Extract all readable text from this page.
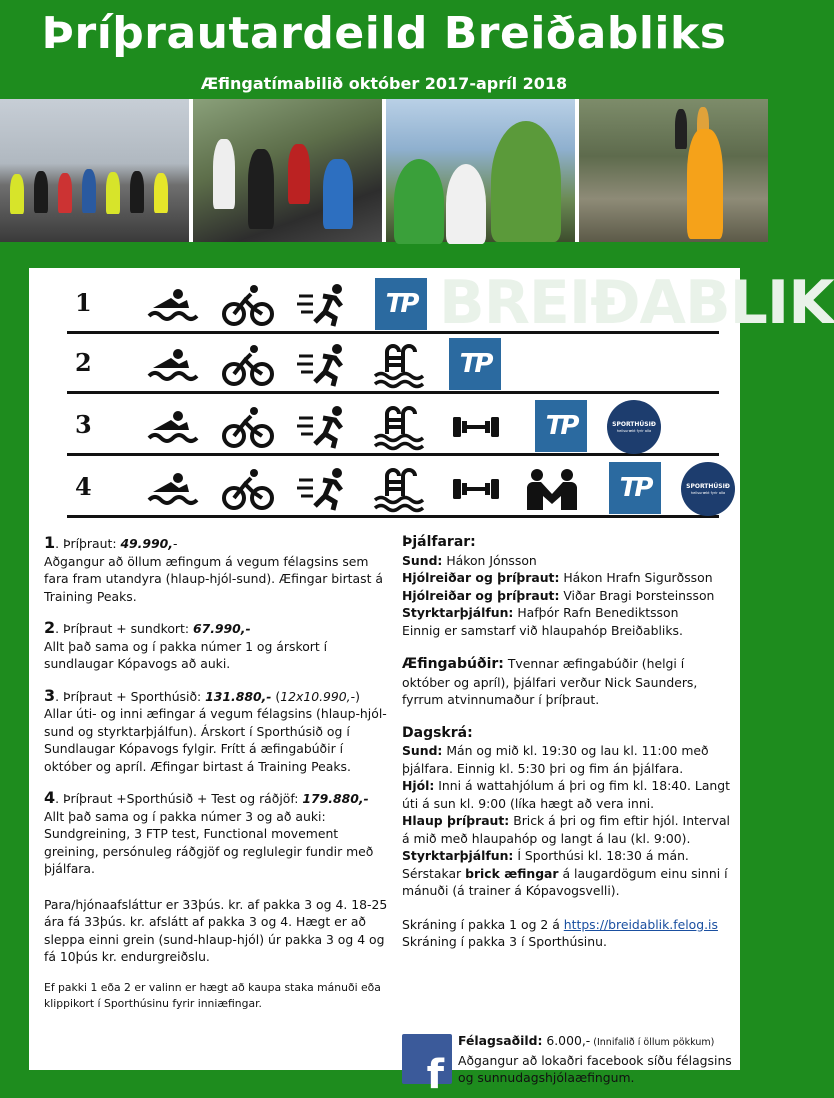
Þríþrautardeild Breiðabliks
Æfingatímabilið október 2017-apríl 2018
BREIÐABLIK
1	TP
2	TP
3	TP	SPORTHÚSIÐ
heilsurækt fyrir alla
4	TP	SPORTHÚSIÐ
heilsurækt fyrir alla
1. Þríþraut: 49.990,-
Aðgangur að öllum æfingum á vegum félagsins sem fara fram utandyra (hlaup-hjól-sund). Æfingar birtast á Training Peaks.
2. Þríþraut + sundkort: 67.990,-
Allt það sama og í pakka númer 1 og árskort í sundlaugar Kópavogs að auki.
3. Þríþraut + Sporthúsið: 131.880,- (12x10.990,-)
Allar úti- og inni æfingar á vegum félagsins (hlaup-hjól-sund og styrktarþjálfun). Árskort í Sporthúsið og í Sundlaugar Kópavogs fylgir. Frítt á æfingabúðir í október og apríl. Æfingar birtast á Training Peaks.
4. Þríþraut +Sporthúsið + Test og ráðjöf: 179.880,-
Allt það sama og í pakka númer 3 og að auki: Sundgreining, 3 FTP test, Functional movement greining, persónuleg ráðgjöf og reglulegir fundir með þjálfara.
Para/hjónaafsláttur er 33þús. kr. af pakka 3 og 4. 18-25 ára fá 33þús. kr. afslátt af pakka 3 og 4. Hægt er að sleppa einni grein (sund-hlaup-hjól) úr pakka 3 og 4 og fá 10þús kr. endurgreiðslu.
Ef pakki 1 eða 2 er valinn er hægt að kaupa staka mánuði eða klippikort í Sporthúsinu fyrir inniæfingar.
Þjálfarar:
Sund: Hákon Jónsson
Hjólreiðar og þríþraut: Hákon Hrafn Sigurðsson
Hjólreiðar og þríþraut: Viðar Bragi Þorsteinsson
Styrktarþjálfun: Hafþór Rafn Benediktsson
Einnig er samstarf við hlaupahóp Breiðabliks.
Æfingabúðir: Tvennar æfingabúðir (helgi í október og apríl), þjálfari verður Nick Saunders, fyrrum atvinnumaður í þríþraut.
Dagskrá:
Sund: Mán og mið kl. 19:30 og lau kl. 11:00 með þjálfara. Einnig kl. 5:30 þri og fim án þjálfara.
Hjól: Inni á wattahjólum á þri og fim kl. 18:40. Langt úti á sun kl. 9:00 (líka hægt að vera inni.
Hlaup þríþraut: Brick á þri og fim eftir hjól. Interval á mið með hlaupahóp og langt á lau (kl. 9:00).
Styrktarþjálfun: Í Sporthúsi kl. 18:30 á mán.
Sérstakar brick æfingar á laugardögum einu sinni í mánuði (á trainer á Kópavogsvelli).
Skráning í pakka 1 og 2 á https://breidablik.felog.is
Skráning í pakka 3 í Sporthúsinu.
f
Félagsaðild: 6.000,- (Innifalið í öllum pökkum)
Aðgangur að lokaðri facebook síðu félagsins og sunnudagshjólaæfingum.
